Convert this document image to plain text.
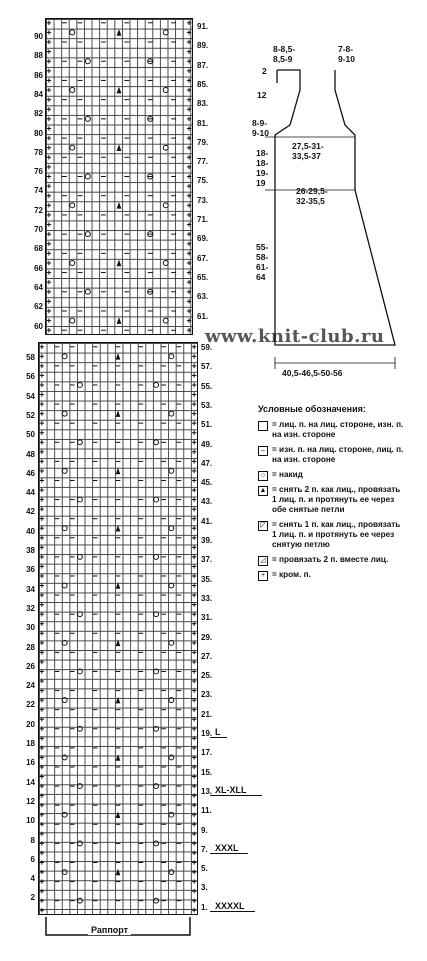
90
88
86
84
82
80
78
76
74
72
70
68
66
64
62
60
91.
89.
87.
85.
83.
81.
79.
77.
75.
73.
71.
69.
67.
65.
63.
61.
58
56
54
52
50
48
46
44
42
40
38
36
34
32
30
28
26
24
22
20
18
16
14
12
10
8
6
4
2
59.
57.
55.
53.
51.
49.
47.
45.
43.
41.
39.
37.
35.
33.
31.
29.
27.
25.
23.
21.
19.
17.
15.
13.
11.
9.
7.
5.
3.
1.
L
XL-XLL
XXXL
XXXXL
Раппорт
www.knit-club.ru
8-8,5-
8,5-9
7-8-
9-10
2
12
8-9-
9-10
27,5-31-
33,5-37
18-
18-
19-
19
26-29,5-
32-35,5
55-
58-
61-
64
40,5-46,5-50-56
Условные обозначения:
= лиц. п. на лиц. стороне, изн. п.
на изн. стороне
– = изн. п. на лиц. стороне, лиц. п.
на изн. стороне
○ = накид
▲ = снять 2 п. как лиц., провязать
1 лиц. п. и протянуть ее через
обе снятые петли
◸ = снять 1 п. как лиц., провязать
1 лиц. п. и протянуть ее через
снятую петлю
◿ = провязать 2 п. вместе лиц.
+ = кром. п.
